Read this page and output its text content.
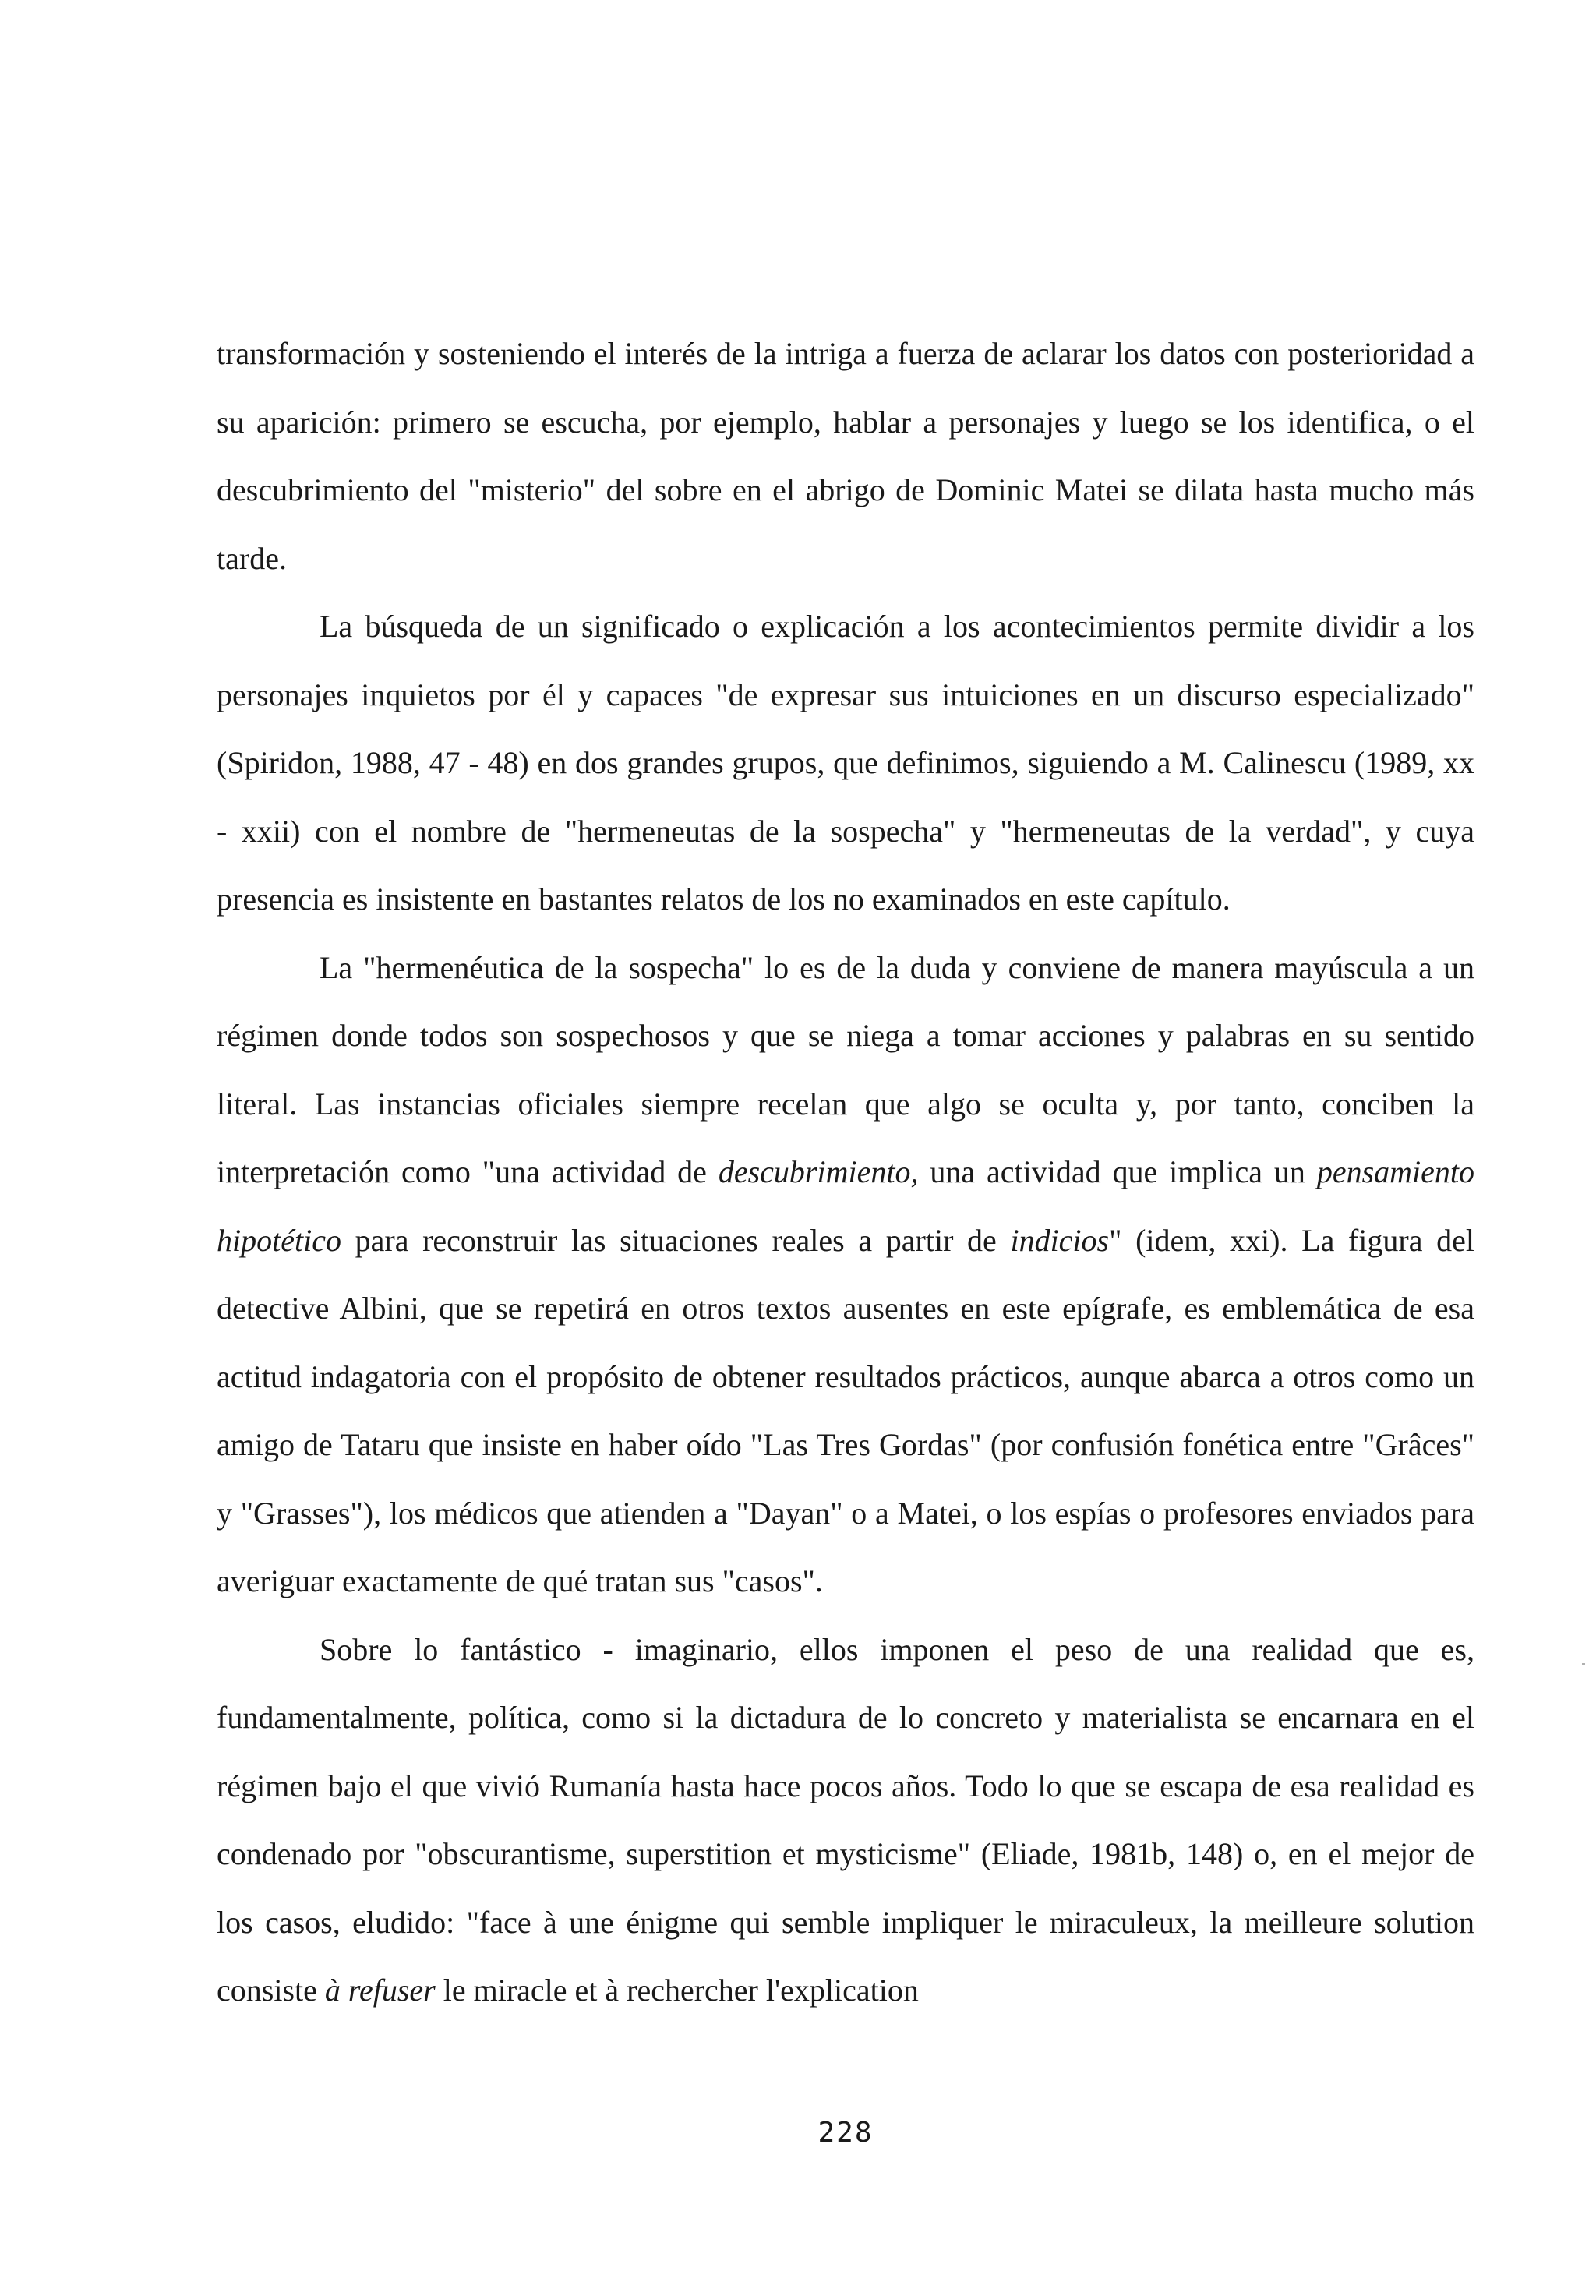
transformación y sosteniendo el interés de la intriga a fuerza de aclarar los datos con posterioridad a su aparición: primero se escucha, por ejemplo, hablar a personajes y luego se los identifica, o el descubrimiento del "misterio" del sobre en el abrigo de Dominic Matei se dilata hasta mucho más tarde.

La búsqueda de un significado o explicación a los acontecimientos permite dividir a los personajes inquietos por él y capaces "de expresar sus intuiciones en un discurso especializado" (Spiridon, 1988, 47 - 48) en dos grandes grupos, que definimos, siguiendo a M. Calinescu (1989, xx - xxii) con el nombre de "hermeneutas de la sospecha" y "hermeneutas de la verdad", y cuya presencia es insistente en bastantes relatos de los no examinados en este capítulo.

La "hermenéutica de la sospecha" lo es de la duda y conviene de manera mayúscula a un régimen donde todos son sospechosos y que se niega a tomar acciones y palabras en su sentido literal. Las instancias oficiales siempre recelan que algo se oculta y, por tanto, conciben la interpretación como "una actividad de descubrimiento, una actividad que implica un pensamiento hipotético para reconstruir las situaciones reales a partir de indicios" (idem, xxi). La figura del detective Albini, que se repetirá en otros textos ausentes en este epígrafe, es emblemática de esa actitud indagatoria con el propósito de obtener resultados prácticos, aunque abarca a otros como un amigo de Tataru que insiste en haber oído "Las Tres Gordas" (por confusión fonética entre "Grâces" y "Grasses"), los médicos que atienden a "Dayan" o a Matei, o los espías o profesores enviados para averiguar exactamente de qué tratan sus "casos".

Sobre lo fantástico - imaginario, ellos imponen el peso de una realidad que es, fundamentalmente, política, como si la dictadura de lo concreto y materialista se encarnara en el régimen bajo el que vivió Rumanía hasta hace pocos años. Todo lo que se escapa de esa realidad es condenado por "obscurantisme, superstition et mysticisme" (Eliade, 1981b, 148) o, en el mejor de los casos, eludido: "face à une énigme qui semble impliquer le miraculeux, la meilleure solution consiste à refuser le miracle et à rechercher l'explication

228
